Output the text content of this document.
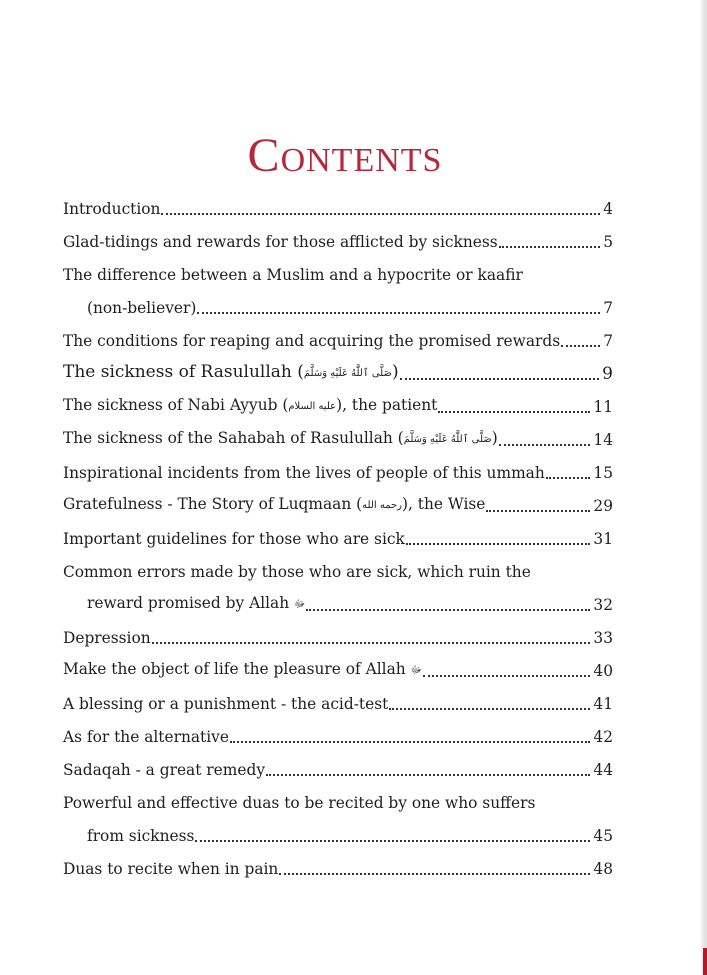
Contents
Introduction	4
Glad-tidings and rewards for those afflicted by sickness	5
The difference between a Muslim and a hypocrite or kaafir
(non-believer)	7
The conditions for reaping and acquiring the promised rewards	7
The sickness of Rasulullah (صَلَّى ٱللَّٰهُ عَلَيْهِ وَسَلَّمَ)	9
The sickness of Nabi Ayyub (عليه السلام), the patient	11
The sickness of the Sahabah of Rasulullah (صَلَّى ٱللَّٰهُ عَلَيْهِ وَسَلَّمَ)	14
Inspirational incidents from the lives of people of this ummah	15
Gratefulness - The Story of Luqmaan (رحمه الله), the Wise	29
Important guidelines for those who are sick	31
Common errors made by those who are sick, which ruin the
reward promised by Allah ﷻ	32
Depression	33
Make the object of life the pleasure of Allah ﷻ	40
A blessing or a punishment - the acid-test	41
As for the alternative	42
Sadaqah - a great remedy	44
Powerful and effective duas to be recited by one who suffers
from sickness	45
Duas to recite when in pain	48
